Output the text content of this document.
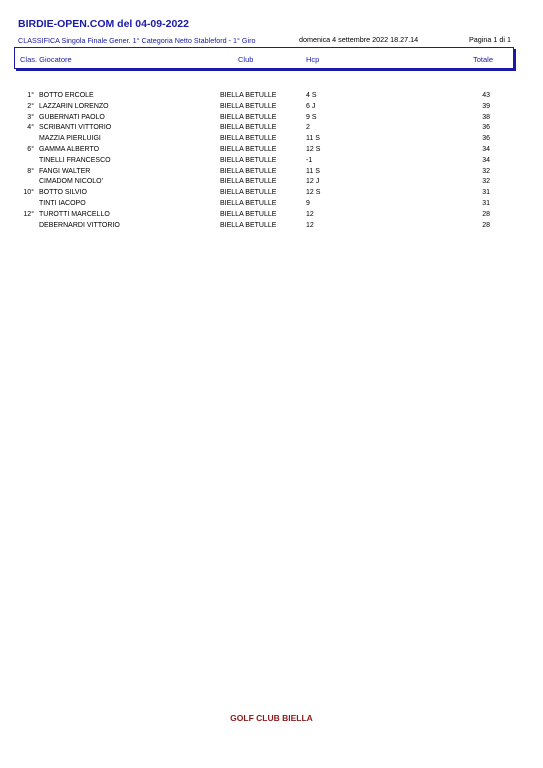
BIRDIE-OPEN.COM del 04-09-2022
CLASSIFICA Singola Finale Gener. 1° Categoria Netto Stableford - 1° Giro	domenica 4 settembre 2022 18.27.14	Pagina 1 di 1
Clas. Giocatore	Club	Hcp	Totale
1° BOTTO ERCOLE	BIELLA BETULLE	4 S	43
2° LAZZARIN LORENZO	BIELLA BETULLE	6 J	39
3° GUBERNATI PAOLO	BIELLA BETULLE	9 S	38
4° SCRIBANTI VITTORIO	BIELLA BETULLE	2	36
MAZZIA PIERLUIGI	BIELLA BETULLE	11 S	36
6° GAMMA ALBERTO	BIELLA BETULLE	12 S	34
TINELLI FRANCESCO	BIELLA BETULLE	-1	34
8° FANGI WALTER	BIELLA BETULLE	11 S	32
CIMADOM NICOLO'	BIELLA BETULLE	12 J	32
10° BOTTO SILVIO	BIELLA BETULLE	12 S	31
TINTI IACOPO	BIELLA BETULLE	9	31
12° TUROTTI MARCELLO	BIELLA BETULLE	12	28
DEBERNARDI VITTORIO	BIELLA BETULLE	12	28
GOLF CLUB BIELLA
